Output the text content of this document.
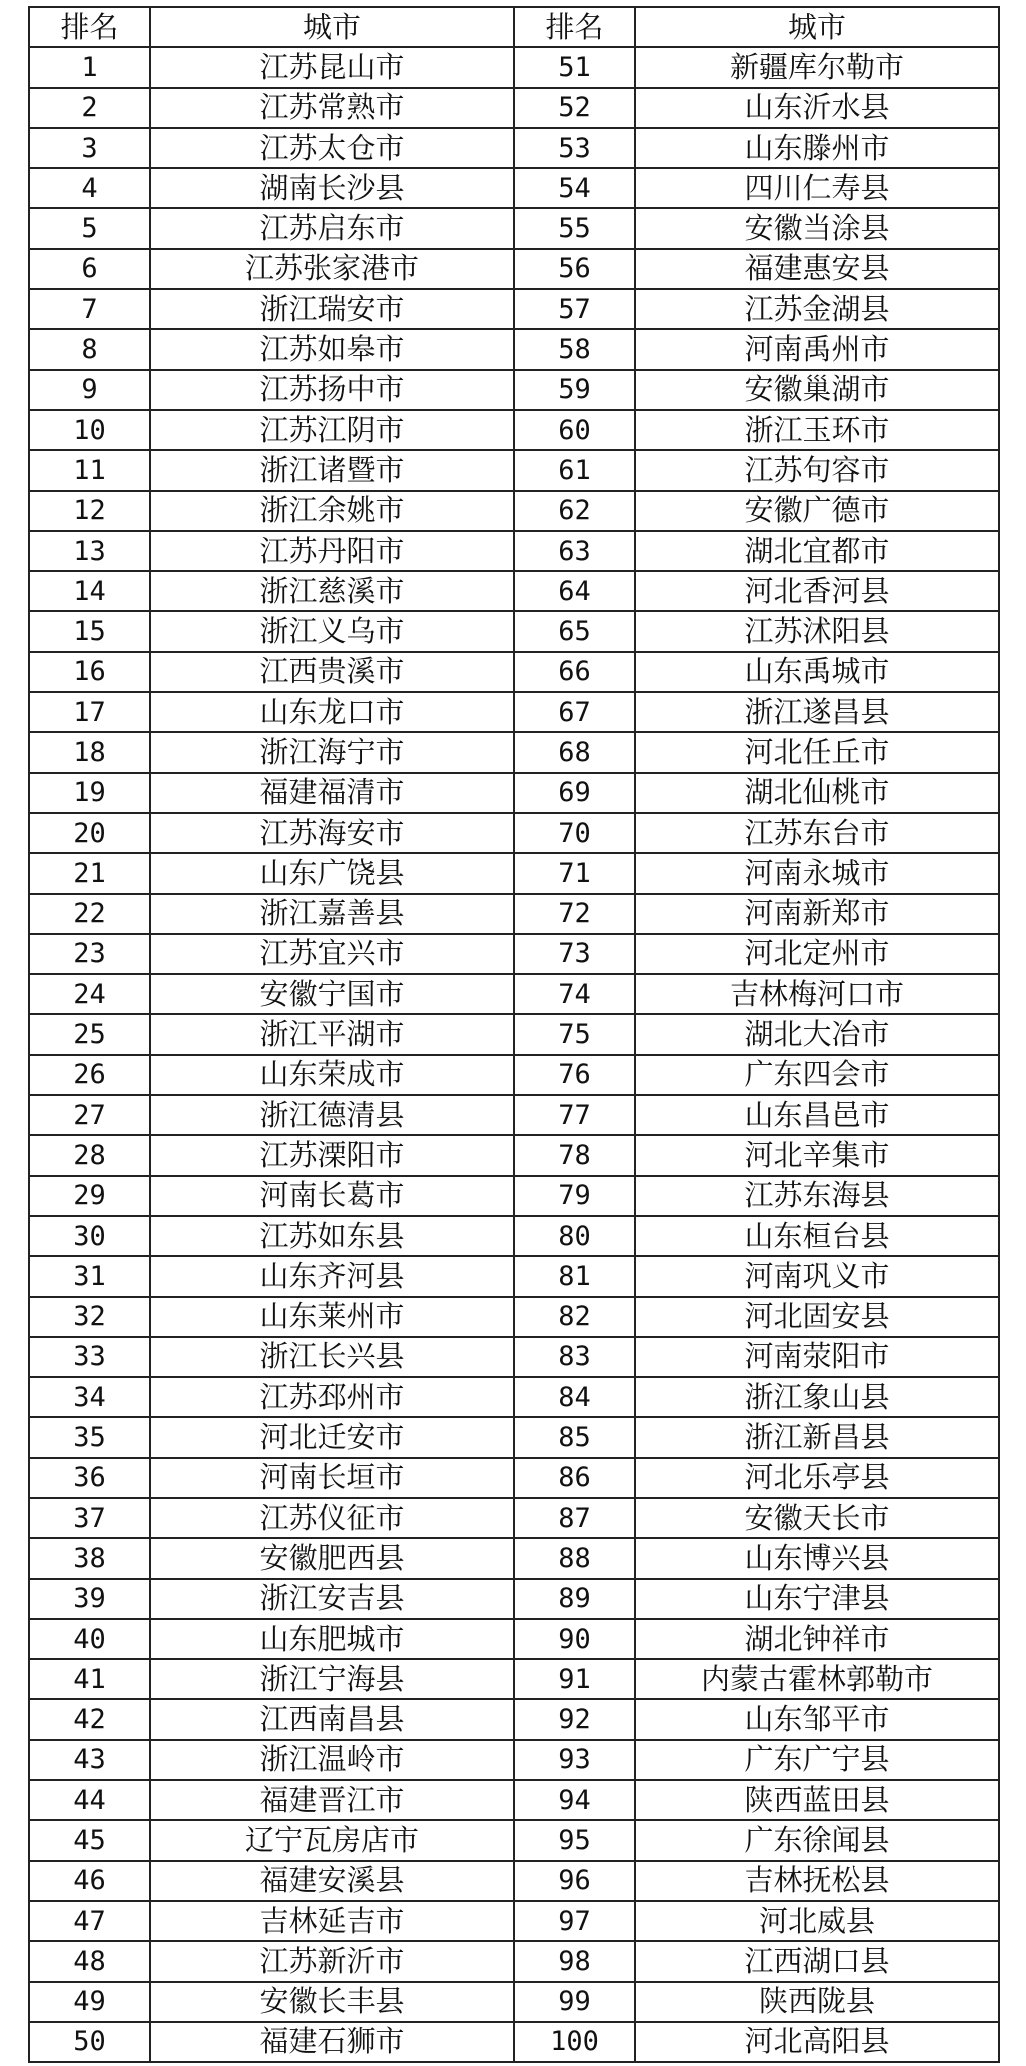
排名	城市	排名	城市
1	江苏昆山市	51	新疆库尔勒市
2	江苏常熟市	52	山东沂水县
3	江苏太仓市	53	山东滕州市
4	湖南长沙县	54	四川仁寿县
5	江苏启东市	55	安徽当涂县
6	江苏张家港市	56	福建惠安县
7	浙江瑞安市	57	江苏金湖县
8	江苏如皋市	58	河南禹州市
9	江苏扬中市	59	安徽巢湖市
10	江苏江阴市	60	浙江玉环市
11	浙江诸暨市	61	江苏句容市
12	浙江余姚市	62	安徽广德市
13	江苏丹阳市	63	湖北宜都市
14	浙江慈溪市	64	河北香河县
15	浙江义乌市	65	江苏沭阳县
16	江西贵溪市	66	山东禹城市
17	山东龙口市	67	浙江遂昌县
18	浙江海宁市	68	河北任丘市
19	福建福清市	69	湖北仙桃市
20	江苏海安市	70	江苏东台市
21	山东广饶县	71	河南永城市
22	浙江嘉善县	72	河南新郑市
23	江苏宜兴市	73	河北定州市
24	安徽宁国市	74	吉林梅河口市
25	浙江平湖市	75	湖北大冶市
26	山东荣成市	76	广东四会市
27	浙江德清县	77	山东昌邑市
28	江苏溧阳市	78	河北辛集市
29	河南长葛市	79	江苏东海县
30	江苏如东县	80	山东桓台县
31	山东齐河县	81	河南巩义市
32	山东莱州市	82	河北固安县
33	浙江长兴县	83	河南荥阳市
34	江苏邳州市	84	浙江象山县
35	河北迁安市	85	浙江新昌县
36	河南长垣市	86	河北乐亭县
37	江苏仪征市	87	安徽天长市
38	安徽肥西县	88	山东博兴县
39	浙江安吉县	89	山东宁津县
40	山东肥城市	90	湖北钟祥市
41	浙江宁海县	91	内蒙古霍林郭勒市
42	江西南昌县	92	山东邹平市
43	浙江温岭市	93	广东广宁县
44	福建晋江市	94	陕西蓝田县
45	辽宁瓦房店市	95	广东徐闻县
46	福建安溪县	96	吉林抚松县
47	吉林延吉市	97	河北威县
48	江苏新沂市	98	江西湖口县
49	安徽长丰县	99	陕西陇县
50	福建石狮市	100	河北高阳县
